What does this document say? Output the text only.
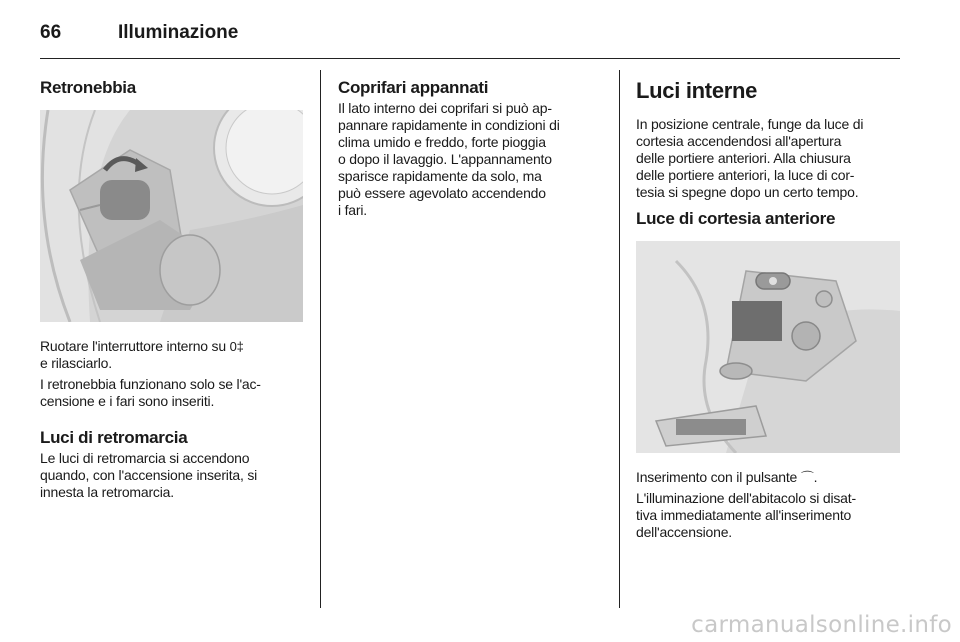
66	Illuminazione
Retronebbia

Ruotare l'interruttore interno su 0‡
e rilasciarlo.

I retronebbia funzionano solo se l'ac-
censione e i fari sono inseriti.

Luci di retromarcia

Le luci di retromarcia si accendono
quando, con l'accensione inserita, si
innesta la retromarcia.

Coprifari appannati

Il lato interno dei coprifari si può ap-
pannare rapidamente in condizioni di
clima umido e freddo, forte pioggia
o dopo il lavaggio. L'appannamento
sparisce rapidamente da solo, ma
può essere agevolato accendendo
i fari.

Luci interne

In posizione centrale, funge da luce di
cortesia accendendosi all'apertura
delle portiere anteriori. Alla chiusura
delle portiere anteriori, la luce di cor-
tesia si spegne dopo un certo tempo.

Luce di cortesia anteriore

Inserimento con il pulsante ⌒.

L'illuminazione dell'abitacolo si disat-
tiva immediatamente all'inserimento
dell'accensione.

carmanualsonline.info
